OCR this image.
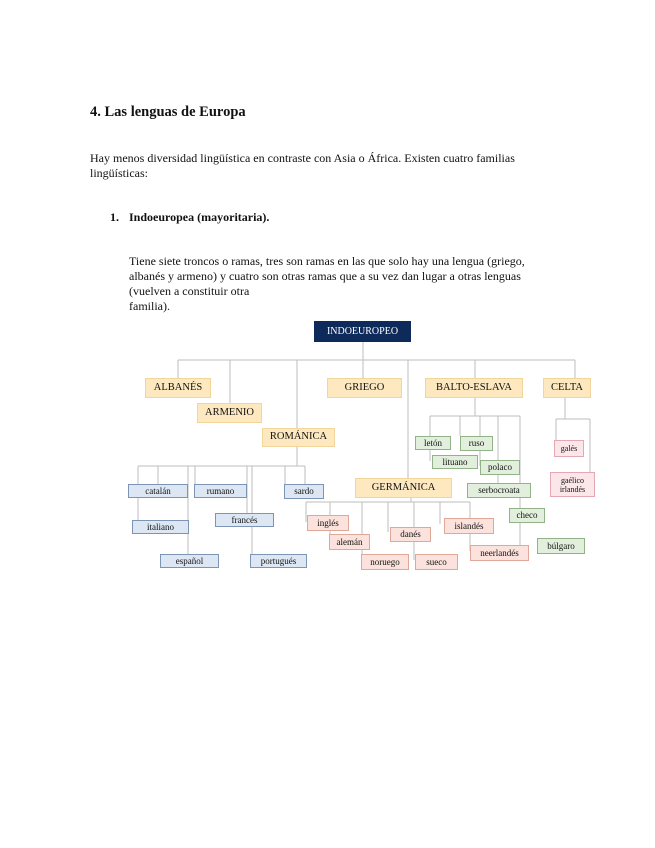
4. Las lenguas de Europa
Hay menos diversidad lingüística en contraste con Asia o África. Existen cuatro familias lingüísticas:
1. Indoeuropea (mayoritaria).
Tiene siete troncos o ramas, tres son ramas en las que solo hay una lengua (griego,
albanés y armeno) y cuatro son otras ramas que a su vez dan lugar a otras lenguas
(vuelven a constituir otra
familia).
INDOEUROPEO
ALBANÉS
ARMENIO
ROMÁNICA
GRIEGO
GERMÁNICA
BALTO-ESLAVA	CELTA
catalán
italiano
español
rumano
francés
portugués
sardo
inglés
alemán
noruego
danés
sueco
islandés
neerlandés
letón	ruso
lituano
polaco
serbocroata
checo
búlgaro
galés
gaélico
irlandés
